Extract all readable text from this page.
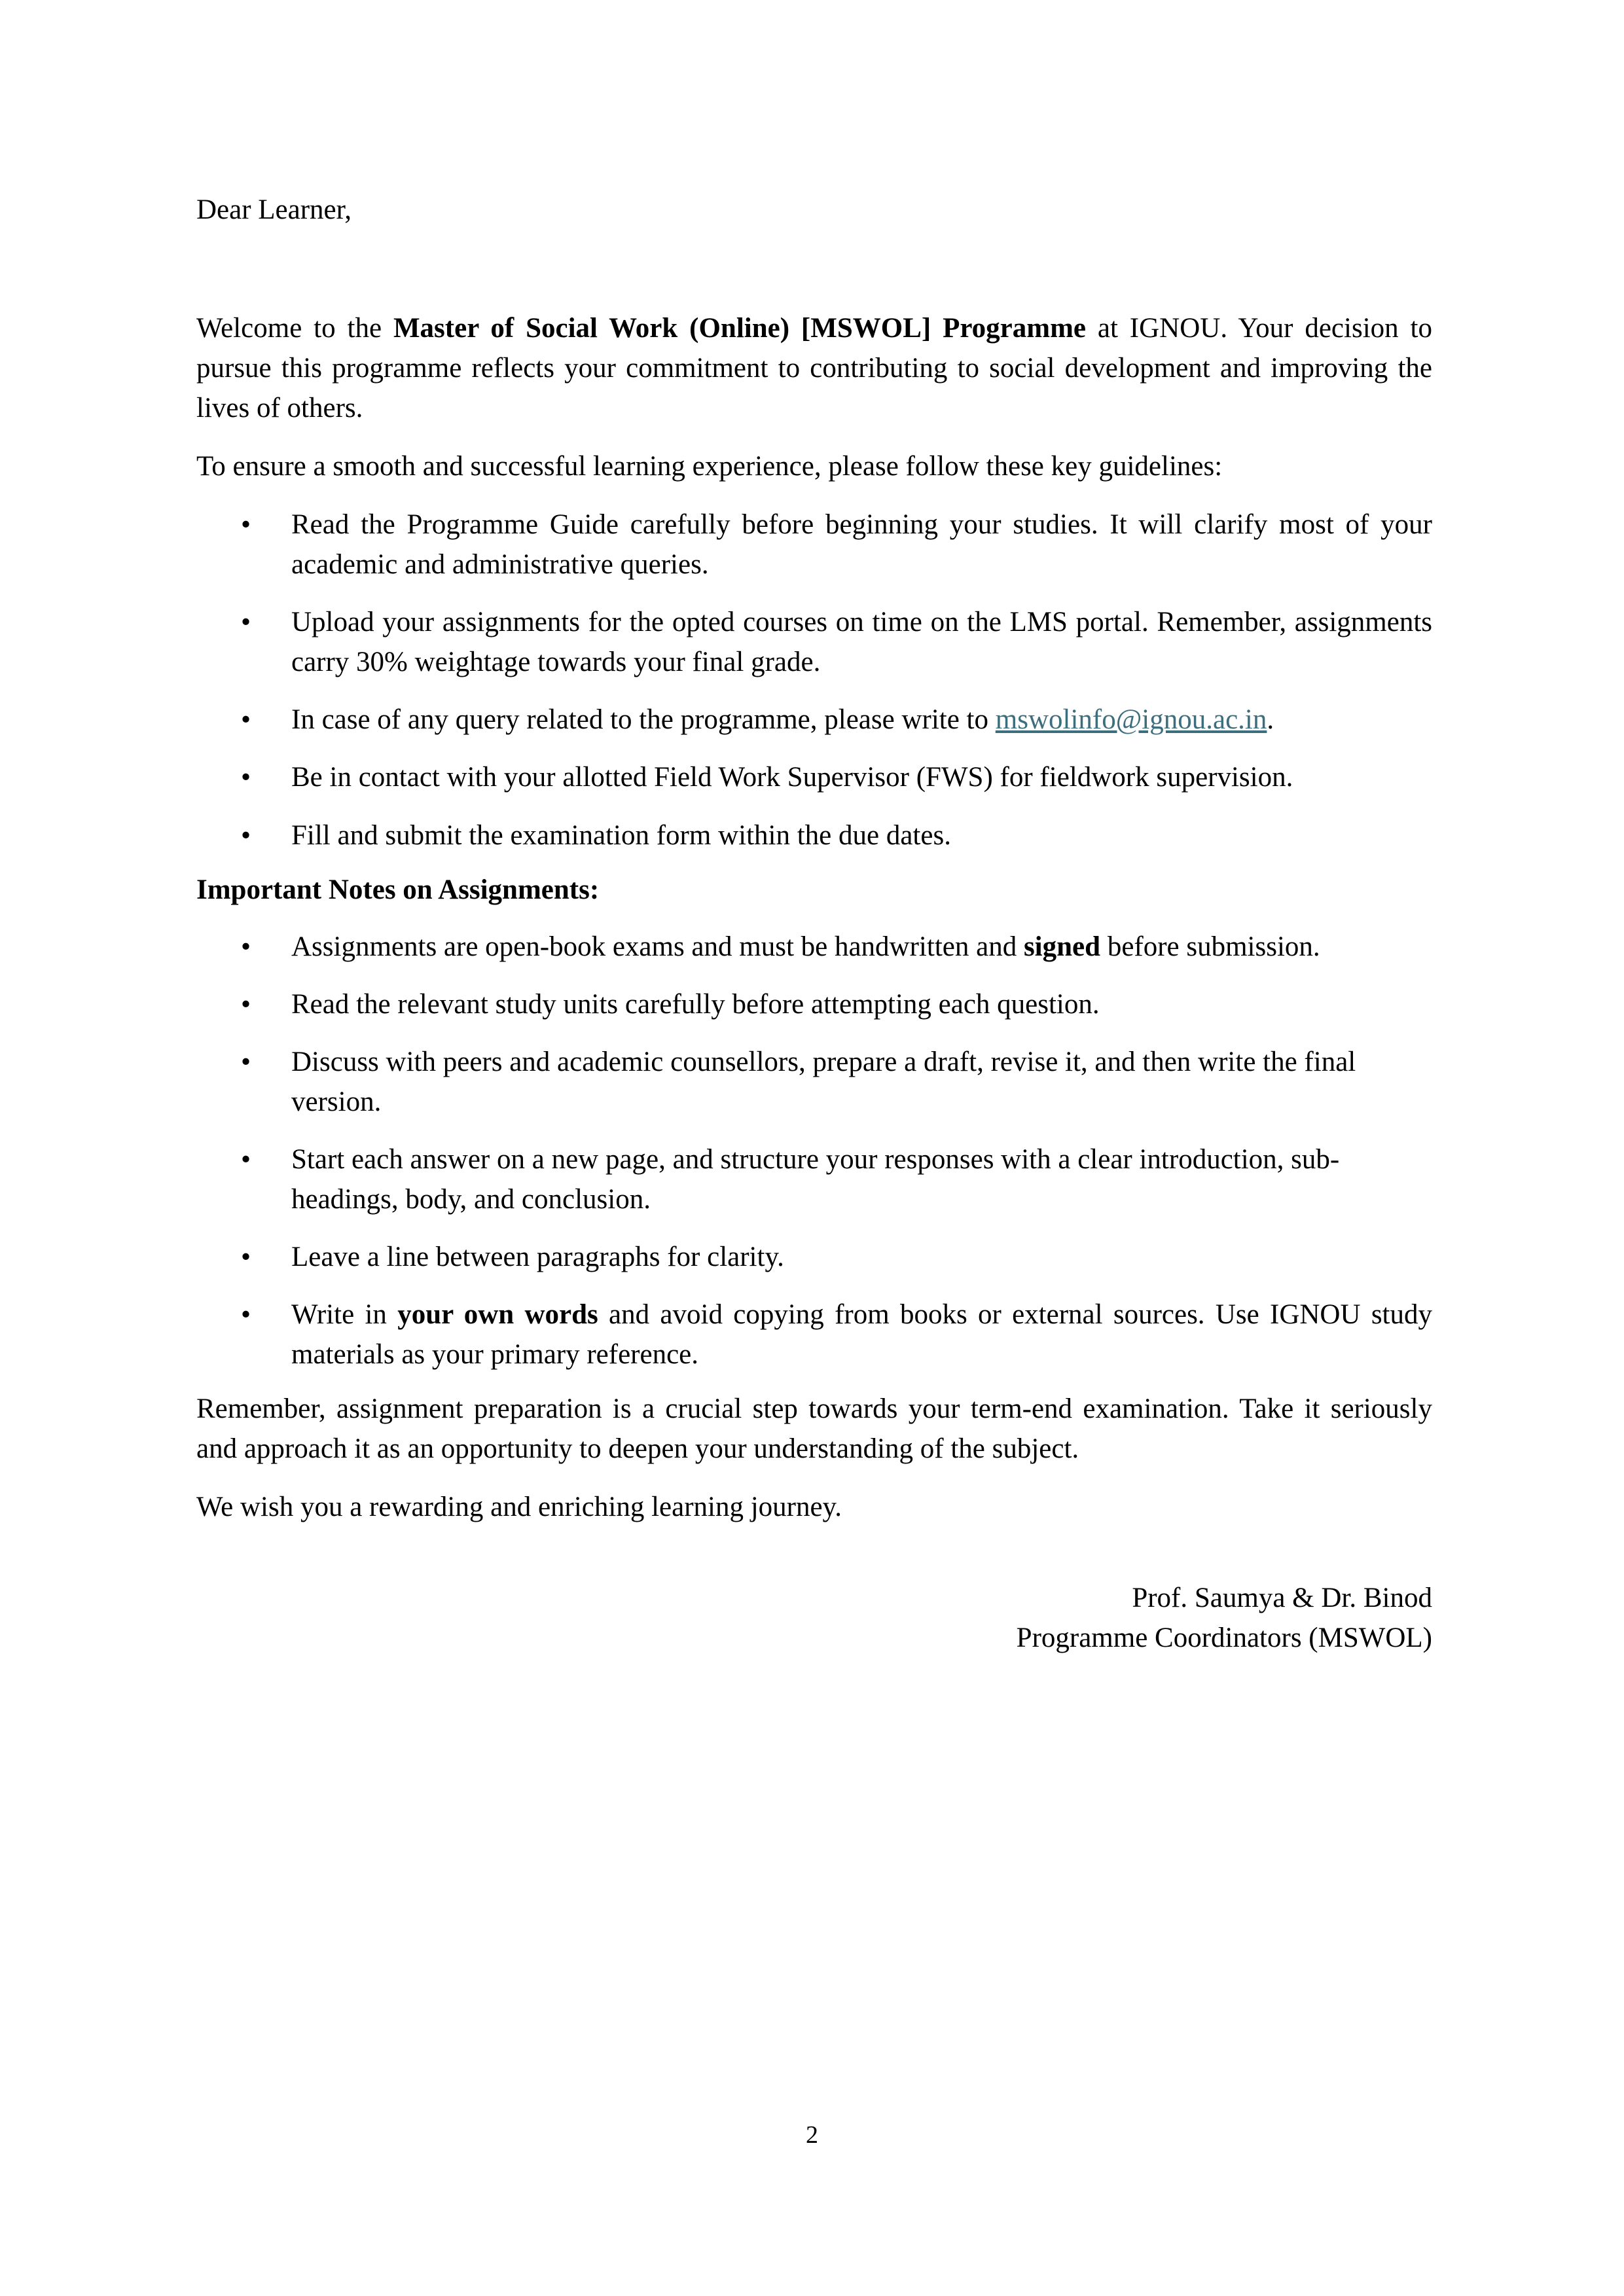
Dear Learner,

Welcome to the Master of Social Work (Online) [MSWOL] Programme at IGNOU. Your decision to pursue this programme reflects your commitment to contributing to social development and improving the lives of others.

To ensure a smooth and successful learning experience, please follow these key guidelines:

• Read the Programme Guide carefully before beginning your studies. It will clarify most of your academic and administrative queries.
• Upload your assignments for the opted courses on time on the LMS portal. Remember, assignments carry 30% weightage towards your final grade.
• In case of any query related to the programme, please write to mswolinfo@ignou.ac.in.
• Be in contact with your allotted Field Work Supervisor (FWS) for fieldwork supervision.
• Fill and submit the examination form within the due dates.

Important Notes on Assignments:

• Assignments are open-book exams and must be handwritten and signed before submission.
• Read the relevant study units carefully before attempting each question.
• Discuss with peers and academic counsellors, prepare a draft, revise it, and then write the final version.
• Start each answer on a new page, and structure your responses with a clear introduction, sub-headings, body, and conclusion.
• Leave a line between paragraphs for clarity.
• Write in your own words and avoid copying from books or external sources. Use IGNOU study materials as your primary reference.

Remember, assignment preparation is a crucial step towards your term-end examination. Take it seriously and approach it as an opportunity to deepen your understanding of the subject.

We wish you a rewarding and enriching learning journey.

Prof. Saumya & Dr. Binod
Programme Coordinators (MSWOL)
2
